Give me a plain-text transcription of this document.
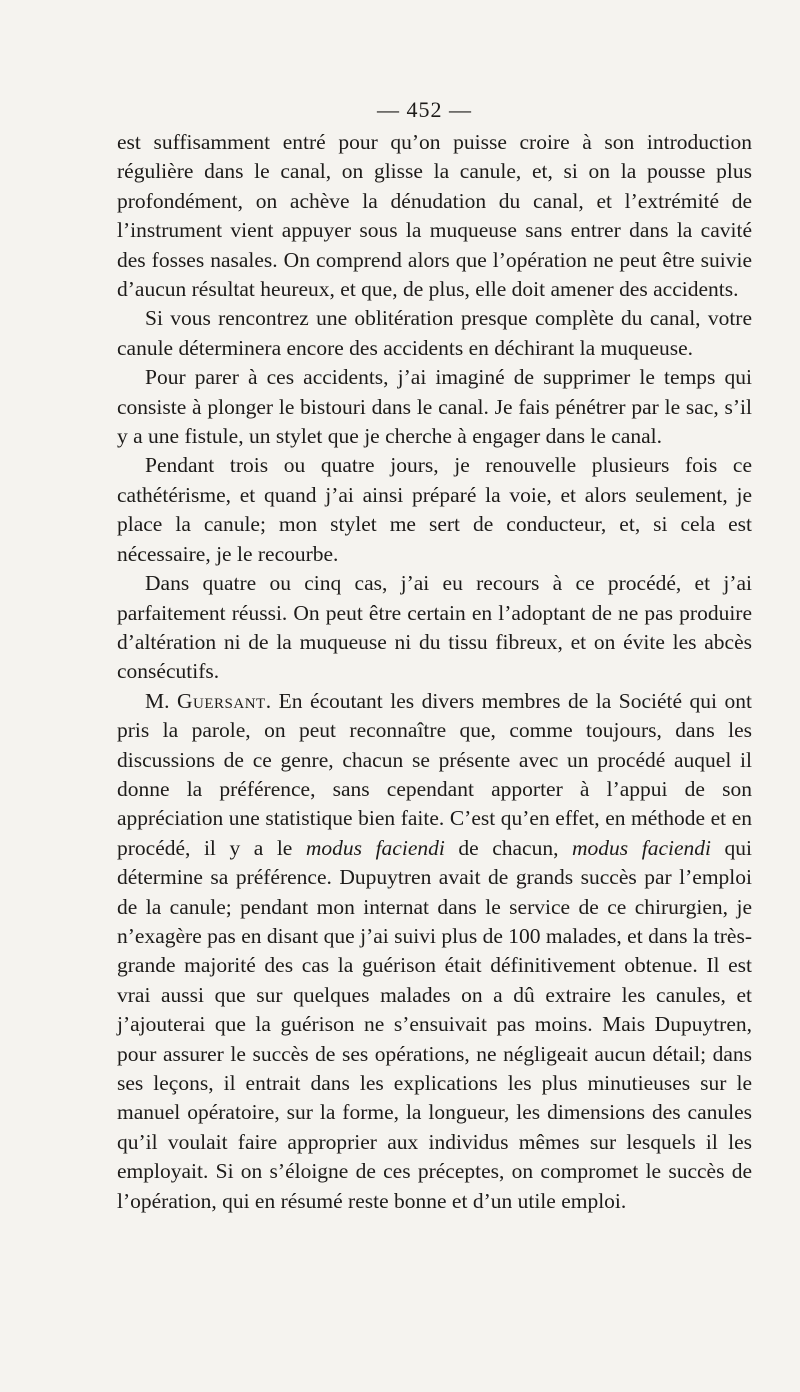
— 452 —

est suffisamment entré pour qu’on puisse croire à son introduction régulière dans le canal, on glisse la canule, et, si on la pousse plus profondément, on achève la dénudation du canal, et l’extrémité de l’instrument vient appuyer sous la muqueuse sans entrer dans la cavité des fosses nasales. On comprend alors que l’opération ne peut être suivie d’aucun résultat heureux, et que, de plus, elle doit amener des accidents.

Si vous rencontrez une oblitération presque complète du canal, votre canule déterminera encore des accidents en déchirant la muqueuse.

Pour parer à ces accidents, j’ai imaginé de supprimer le temps qui consiste à plonger le bistouri dans le canal. Je fais pénétrer par le sac, s’il y a une fistule, un stylet que je cherche à engager dans le canal.

Pendant trois ou quatre jours, je renouvelle plusieurs fois ce cathétérisme, et quand j’ai ainsi préparé la voie, et alors seulement, je place la canule; mon stylet me sert de conducteur, et, si cela est nécessaire, je le recourbe.

Dans quatre ou cinq cas, j’ai eu recours à ce procédé, et j’ai parfaitement réussi. On peut être certain en l’adoptant de ne pas produire d’altération ni de la muqueuse ni du tissu fibreux, et on évite les abcès consécutifs.

M. Guersant. En écoutant les divers membres de la Société qui ont pris la parole, on peut reconnaître que, comme toujours, dans les discussions de ce genre, chacun se présente avec un procédé auquel il donne la préférence, sans cependant apporter à l’appui de son appréciation une statistique bien faite. C’est qu’en effet, en méthode et en procédé, il y a le modus faciendi de chacun, modus faciendi qui détermine sa préférence. Dupuytren avait de grands succès par l’emploi de la canule; pendant mon internat dans le service de ce chirurgien, je n’exagère pas en disant que j’ai suivi plus de 100 malades, et dans la très-grande majorité des cas la guérison était définitivement obtenue. Il est vrai aussi que sur quelques malades on a dû extraire les canules, et j’ajouterai que la guérison ne s’ensuivait pas moins. Mais Dupuytren, pour assurer le succès de ses opérations, ne négligeait aucun détail; dans ses leçons, il entrait dans les explications les plus minutieuses sur le manuel opératoire, sur la forme, la longueur, les dimensions des canules qu’il voulait faire approprier aux individus mêmes sur lesquels il les employait. Si on s’éloigne de ces préceptes, on compromet le succès de l’opération, qui en résumé reste bonne et d’un utile emploi.
